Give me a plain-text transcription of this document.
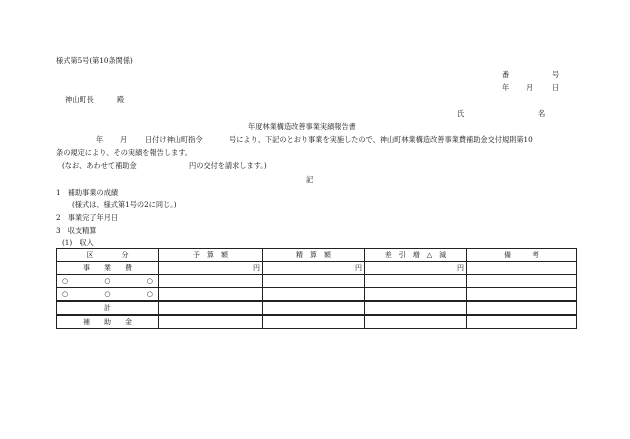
様式第5号(第10条関係)
番	号
年 月	日
神山町長	殿
氏	名
年度林業構造改善事業実績報告書
年 月 日付け神山町指令	号により、下記のとおり事業を実施したので、神山町林業構造改善事業費補助金交付規則第10
条の規定により、その実績を報告します。
(なお、あわせて補助金	円の交付を請求します。)
記
1　補助事業の成績
(様式は、様式第1号の2に同じ。)
2　事業完了年月日
3　収支精算
(1)　収入
区　　　　分	予　算　額	精　算　額	差　引　増　△　減	備　　　考
事　　業　　費	円	円	円	

○ ○ ○				

○ ○ ○				

計				
補　　助　　金				
